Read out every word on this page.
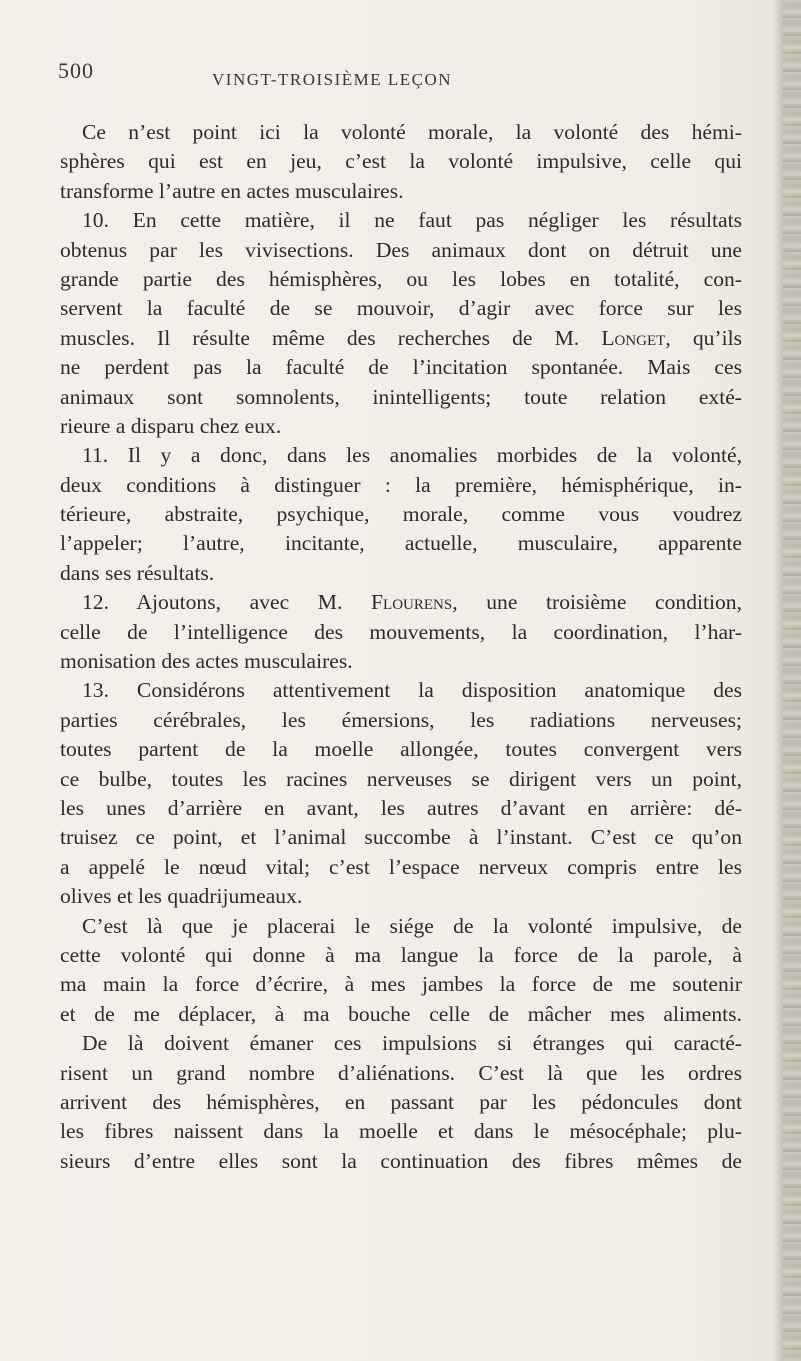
500	VINGT-TROISIÈME LEÇON
Ce n’est point ici la volonté morale, la volonté des hémi-
sphères qui est en jeu, c’est la volonté impulsive, celle qui
transforme l’autre en actes musculaires.
10. En cette matière, il ne faut pas négliger les résultats
obtenus par les vivisections. Des animaux dont on détruit une
grande partie des hémisphères, ou les lobes en totalité, con-
servent la faculté de se mouvoir, d’agir avec force sur les
muscles. Il résulte même des recherches de M. Longet, qu’ils
ne perdent pas la faculté de l’incitation spontanée. Mais ces
animaux sont somnolents, inintelligents; toute relation exté-
rieure a disparu chez eux.
11. Il y a donc, dans les anomalies morbides de la volonté,
deux conditions à distinguer : la première, hémisphérique, in-
térieure, abstraite, psychique, morale, comme vous voudrez
l’appeler; l’autre, incitante, actuelle, musculaire, apparente
dans ses résultats.
12. Ajoutons, avec M. Flourens, une troisième condition,
celle de l’intelligence des mouvements, la coordination, l’har-
monisation des actes musculaires.
13. Considérons attentivement la disposition anatomique des
parties cérébrales, les émersions, les radiations nerveuses;
toutes partent de la moelle allongée, toutes convergent vers
ce bulbe, toutes les racines nerveuses se dirigent vers un point,
les unes d’arrière en avant, les autres d’avant en arrière: dé-
truisez ce point, et l’animal succombe à l’instant. C’est ce qu’on
a appelé le nœud vital; c’est l’espace nerveux compris entre les
olives et les quadrijumeaux.
C’est là que je placerai le siége de la volonté impulsive, de
cette volonté qui donne à ma langue la force de la parole, à
ma main la force d’écrire, à mes jambes la force de me soutenir
et de me déplacer, à ma bouche celle de mâcher mes aliments.
De là doivent émaner ces impulsions si étranges qui caracté-
risent un grand nombre d’aliénations. C’est là que les ordres
arrivent des hémisphères, en passant par les pédoncules dont
les fibres naissent dans la moelle et dans le mésocéphale; plu-
sieurs d’entre elles sont la continuation des fibres mêmes de
